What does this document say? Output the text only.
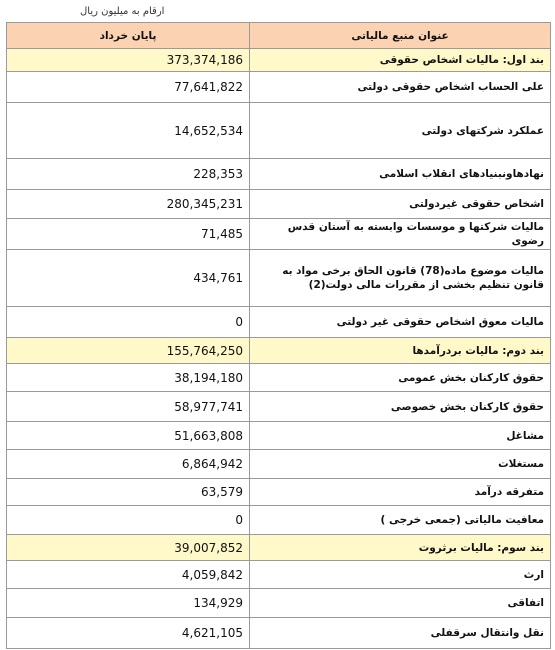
ارقام به میلیون ریال
پایان خرداد	عنوان منبع مالیاتی
373,374,186	بند اول: مالیات اشخاص حقوقی
77,641,822	علی الحساب اشخاص حقوقی دولتی
14,652,534	عملکرد شرکتهای دولتی
228,353	نهادهاونبنیادهای انقلاب اسلامی
280,345,231	اشخاص حقوقی غیردولتی
71,485	مالیات شرکتها و موسسات وابسته به آستان قدس رضوی
434,761	مالیات موضوع ماده(78) قانون الحاق برخی مواد به قانون تنظیم بخشی از مقررات مالی دولت(2)
0	مالیات معوق اشخاص حقوقی غیر دولتی
155,764,250	بند دوم: مالیات بردرآمدها
38,194,180	حقوق کارکنان بخش عمومی
58,977,741	حقوق کارکنان بخش خصوصی
51,663,808	مشاغل
6,864,942	مستغلات
63,579	متفرقه درآمد
0	معافیت مالیاتی (جمعی خرجی )
39,007,852	بند سوم: مالیات برثروت
4,059,842	ارث
134,929	اتفاقی
4,621,105	نقل وانتقال سرقفلی
